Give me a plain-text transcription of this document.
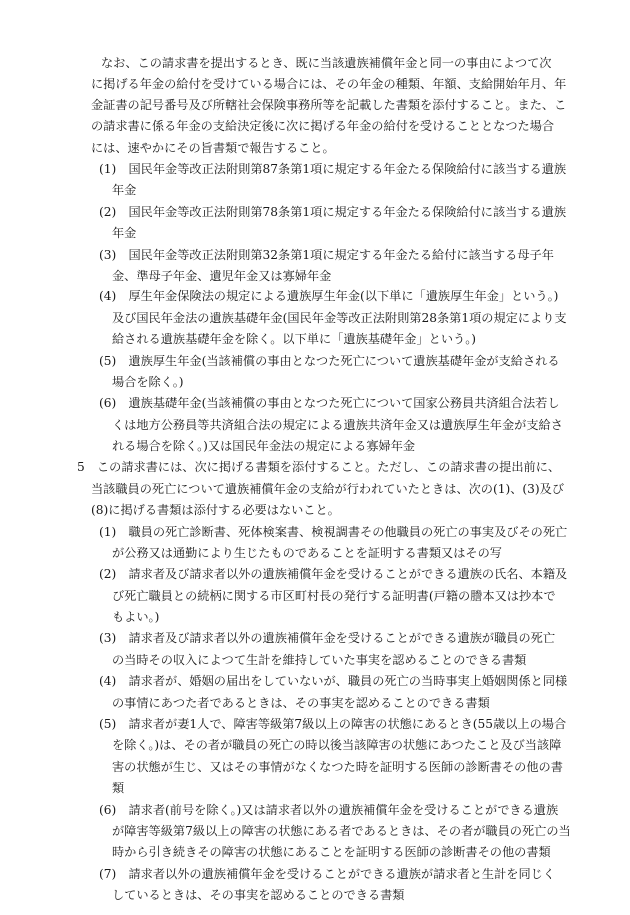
なお、この請求書を提出するとき、既に当該遺族補償年金と同一の事由によつて次
に掲げる年金の給付を受けている場合には、その年金の種類、年額、支給開始年月、年
金証書の記号番号及び所轄社会保険事務所等を記載した書類を添付すること。また、こ
の請求書に係る年金の支給決定後に次に掲げる年金の給付を受けることとなつた場合
には、速やかにその旨書類で報告すること。
(1)　国民年金等改正法附則第87条第1項に規定する年金たる保険給付に該当する遺族
年金
(2)　国民年金等改正法附則第78条第1項に規定する年金たる保険給付に該当する遺族
年金
(3)　国民年金等改正法附則第32条第1項に規定する年金たる給付に該当する母子年
金、準母子年金、遺児年金又は寡婦年金
(4)　厚生年金保険法の規定による遺族厚生年金(以下単に「遺族厚生年金」という。)
及び国民年金法の遺族基礎年金(国民年金等改正法附則第28条第1項の規定により支
給される遺族基礎年金を除く。以下単に「遺族基礎年金」という。)
(5)　遺族厚生年金(当該補償の事由となつた死亡について遺族基礎年金が支給される
場合を除く。)
(6)　遺族基礎年金(当該補償の事由となつた死亡について国家公務員共済組合法若し
くは地方公務員等共済組合法の規定による遺族共済年金又は遺族厚生年金が支給さ
れる場合を除く。)又は国民年金法の規定による寡婦年金
5　この請求書には、次に掲げる書類を添付すること。ただし、この請求書の提出前に、
当該職員の死亡について遺族補償年金の支給が行われていたときは、次の(1)、(3)及び
(8)に掲げる書類は添付する必要はないこと。
(1)　職員の死亡診断書、死体検案書、検視調書その他職員の死亡の事実及びその死亡
が公務又は通勤により生じたものであることを証明する書類又はその写
(2)　請求者及び請求者以外の遺族補償年金を受けることができる遺族の氏名、本籍及
び死亡職員との続柄に関する市区町村長の発行する証明書(戸籍の謄本又は抄本で
もよい。)
(3)　請求者及び請求者以外の遺族補償年金を受けることができる遺族が職員の死亡
の当時その収入によつて生計を維持していた事実を認めることのできる書類
(4)　請求者が、婚姻の届出をしていないが、職員の死亡の当時事実上婚姻関係と同様
の事情にあつた者であるときは、その事実を認めることのできる書類
(5)　請求者が妻1人で、障害等級第7級以上の障害の状態にあるとき(55歳以上の場合
を除く。)は、その者が職員の死亡の時以後当該障害の状態にあつたこと及び当該障
害の状態が生じ、又はその事情がなくなつた時を証明する医師の診断書その他の書
類
(6)　請求者(前号を除く。)又は請求者以外の遺族補償年金を受けることができる遺族
が障害等級第7級以上の障害の状態にある者であるときは、その者が職員の死亡の当
時から引き続きその障害の状態にあることを証明する医師の診断書その他の書類
(7)　請求者以外の遺族補償年金を受けることができる遺族が請求者と生計を同じく
しているときは、その事実を認めることのできる書類
